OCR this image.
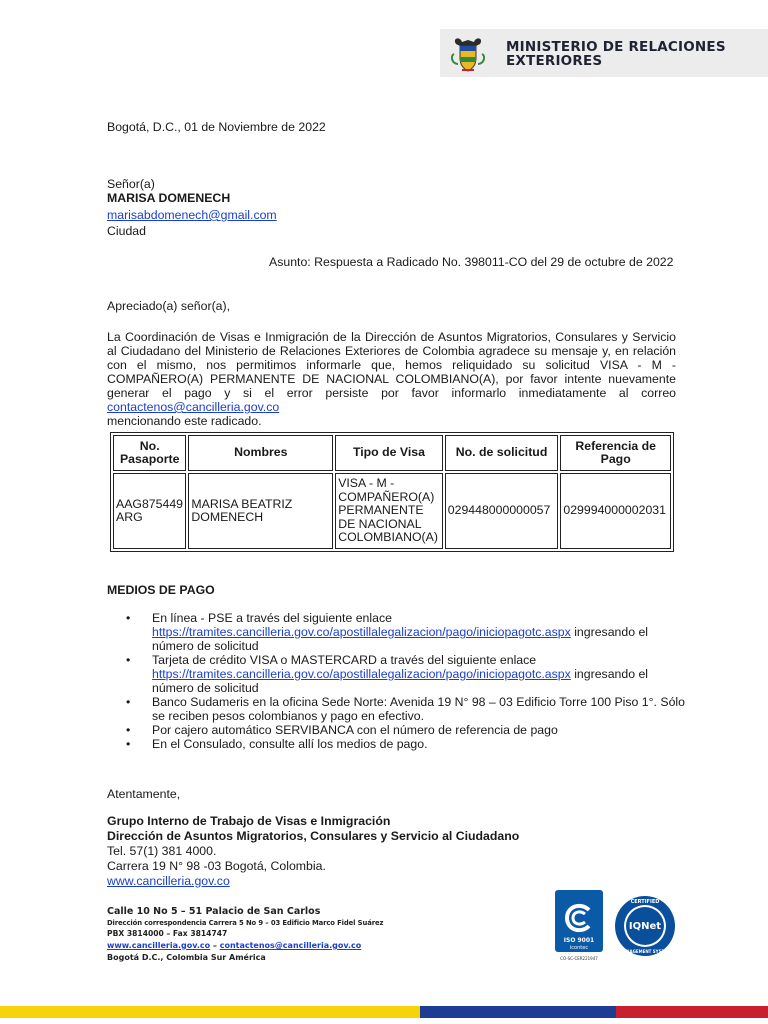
MINISTERIO DE RELACIONES
EXTERIORES
Bogotá, D.C., 01 de Noviembre de 2022
Señor(a)
MARISA DOMENECH
marisabdomenech@gmail.com
Ciudad
Asunto: Respuesta a Radicado No. 398011-CO del 29 de octubre de 2022
Apreciado(a) señor(a),
La Coordinación de Visas e Inmigración de la Dirección de Asuntos Migratorios, Consulares y Servicio al Ciudadano del Ministerio de Relaciones Exteriores de Colombia agradece su mensaje y, en relación con el mismo, nos permitimos informarle que, hemos reliquidado su solicitud VISA - M - COMPAÑERO(A) PERMANENTE DE NACIONAL COLOMBIANO(A), por favor intente nuevamente generar el pago y si el error persiste por favor informarlo inmediatamente al correo contactenos@cancilleria.gov.co
mencionando este radicado.
No. Pasaporte	Nombres	Tipo de Visa	No. de solicitud	Referencia de Pago
AAG875449 ARG	MARISA BEATRIZ DOMENECH	VISA - M - COMPAÑERO(A) PERMANENTE DE NACIONAL COLOMBIANO(A)	029448000000057	029994000002031
MEDIOS DE PAGO
• En línea - PSE a través del siguiente enlace
https://tramites.cancilleria.gov.co/apostillalegalizacion/pago/iniciopagotc.aspx ingresando el número de solicitud
• Tarjeta de crédito VISA o MASTERCARD a través del siguiente enlace
https://tramites.cancilleria.gov.co/apostillalegalizacion/pago/iniciopagotc.aspx ingresando el número de solicitud
• Banco Sudameris en la oficina Sede Norte: Avenida 19 N° 98 – 03 Edificio Torre 100 Piso 1°. Sólo se reciben pesos colombianos y pago en efectivo.
• Por cajero automático SERVIBANCA con el número de referencia de pago
• En el Consulado, consulte allí los medios de pago.
Atentamente,
Grupo Interno de Trabajo de Visas e Inmigración
Dirección de Asuntos Migratorios, Consulares y Servicio al Ciudadano
Tel. 57(1) 381 4000.
Carrera 19 N° 98 -03 Bogotá, Colombia.
www.cancilleria.gov.co
Calle 10 No 5 – 51 Palacio de San Carlos
Dirección correspondencia Carrera 5 No 9 – 03 Edificio Marco Fidel Suárez
PBX 3814000 – Fax 3814747
www.cancilleria.gov.co – contactenos@cancilleria.gov.co
Bogotá D.C., Colombia Sur América
ISO 9001
icontec
CO-SC-CER221947
IQNet
CERTIFIED
MANAGEMENT SYSTEM
